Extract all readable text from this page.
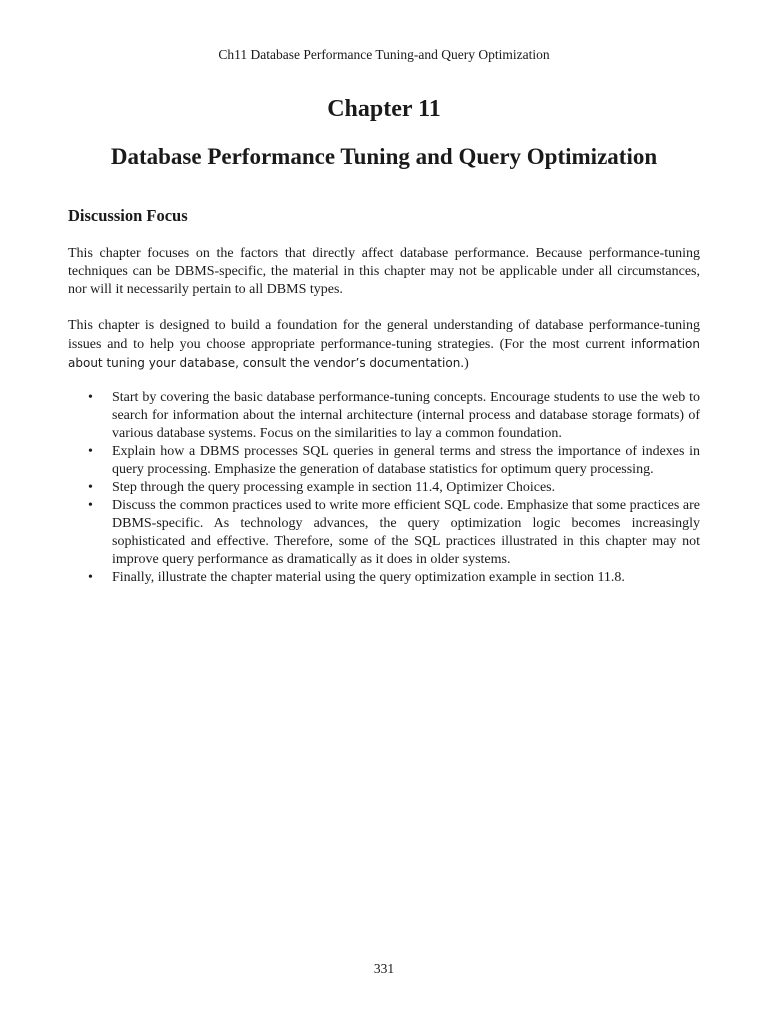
Ch11 Database Performance Tuning-and Query Optimization
Chapter 11
Database Performance Tuning and Query Optimization
Discussion Focus

This chapter focuses on the factors that directly affect database performance. Because performance-tuning techniques can be DBMS-specific, the material in this chapter may not be applicable under all circumstances, nor will it necessarily pertain to all DBMS types.

This chapter is designed to build a foundation for the general understanding of database performance-tuning issues and to help you choose appropriate performance-tuning strategies. (For the most current information about tuning your database, consult the vendor’s documentation.)

• Start by covering the basic database performance-tuning concepts. Encourage students to use the web to search for information about the internal architecture (internal process and database storage formats) of various database systems. Focus on the similarities to lay a common foundation.
• Explain how a DBMS processes SQL queries in general terms and stress the importance of indexes in query processing. Emphasize the generation of database statistics for optimum query processing.
• Step through the query processing example in section 11.4, Optimizer Choices.
• Discuss the common practices used to write more efficient SQL code. Emphasize that some practices are DBMS-specific. As technology advances, the query optimization logic becomes increasingly sophisticated and effective. Therefore, some of the SQL practices illustrated in this chapter may not improve query performance as dramatically as it does in older systems.
• Finally, illustrate the chapter material using the query optimization example in section 11.8.
331
